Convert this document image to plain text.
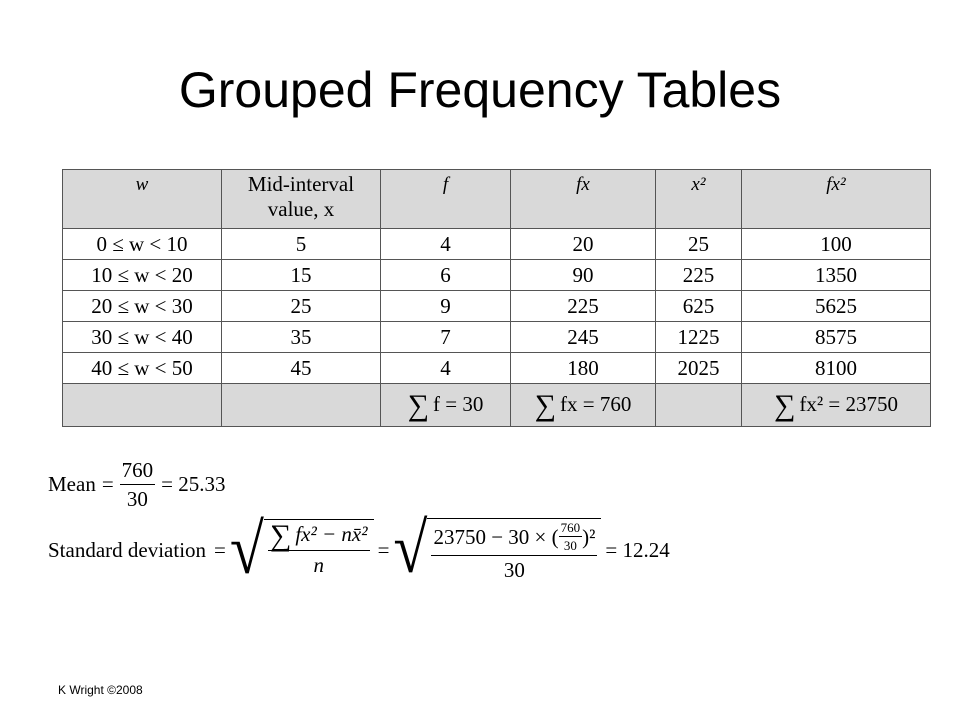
Grouped Frequency Tables
w	Mid-interval value, x	f	fx	x²	fx²
0 ≤ w < 10	5	4	20	25	100
10 ≤ w < 20	15	6	90	225	1350
20 ≤ w < 30	25	9	225	625	5625
30 ≤ w < 40	35	7	245	1225	8575
40 ≤ w < 50	45	4	180	2025	8100
		∑ f = 30	∑ fx = 760		∑ fx² = 23750
Mean = $\frac{760}{30} = 25.33$
Standard deviation = √ $\frac{\text{∑ fx² − nx̄²}}{n}$ = √ 23750 − 30 × ( $\frac{760}{30} )^2$
30
= 12.24
K Wright ©2008
